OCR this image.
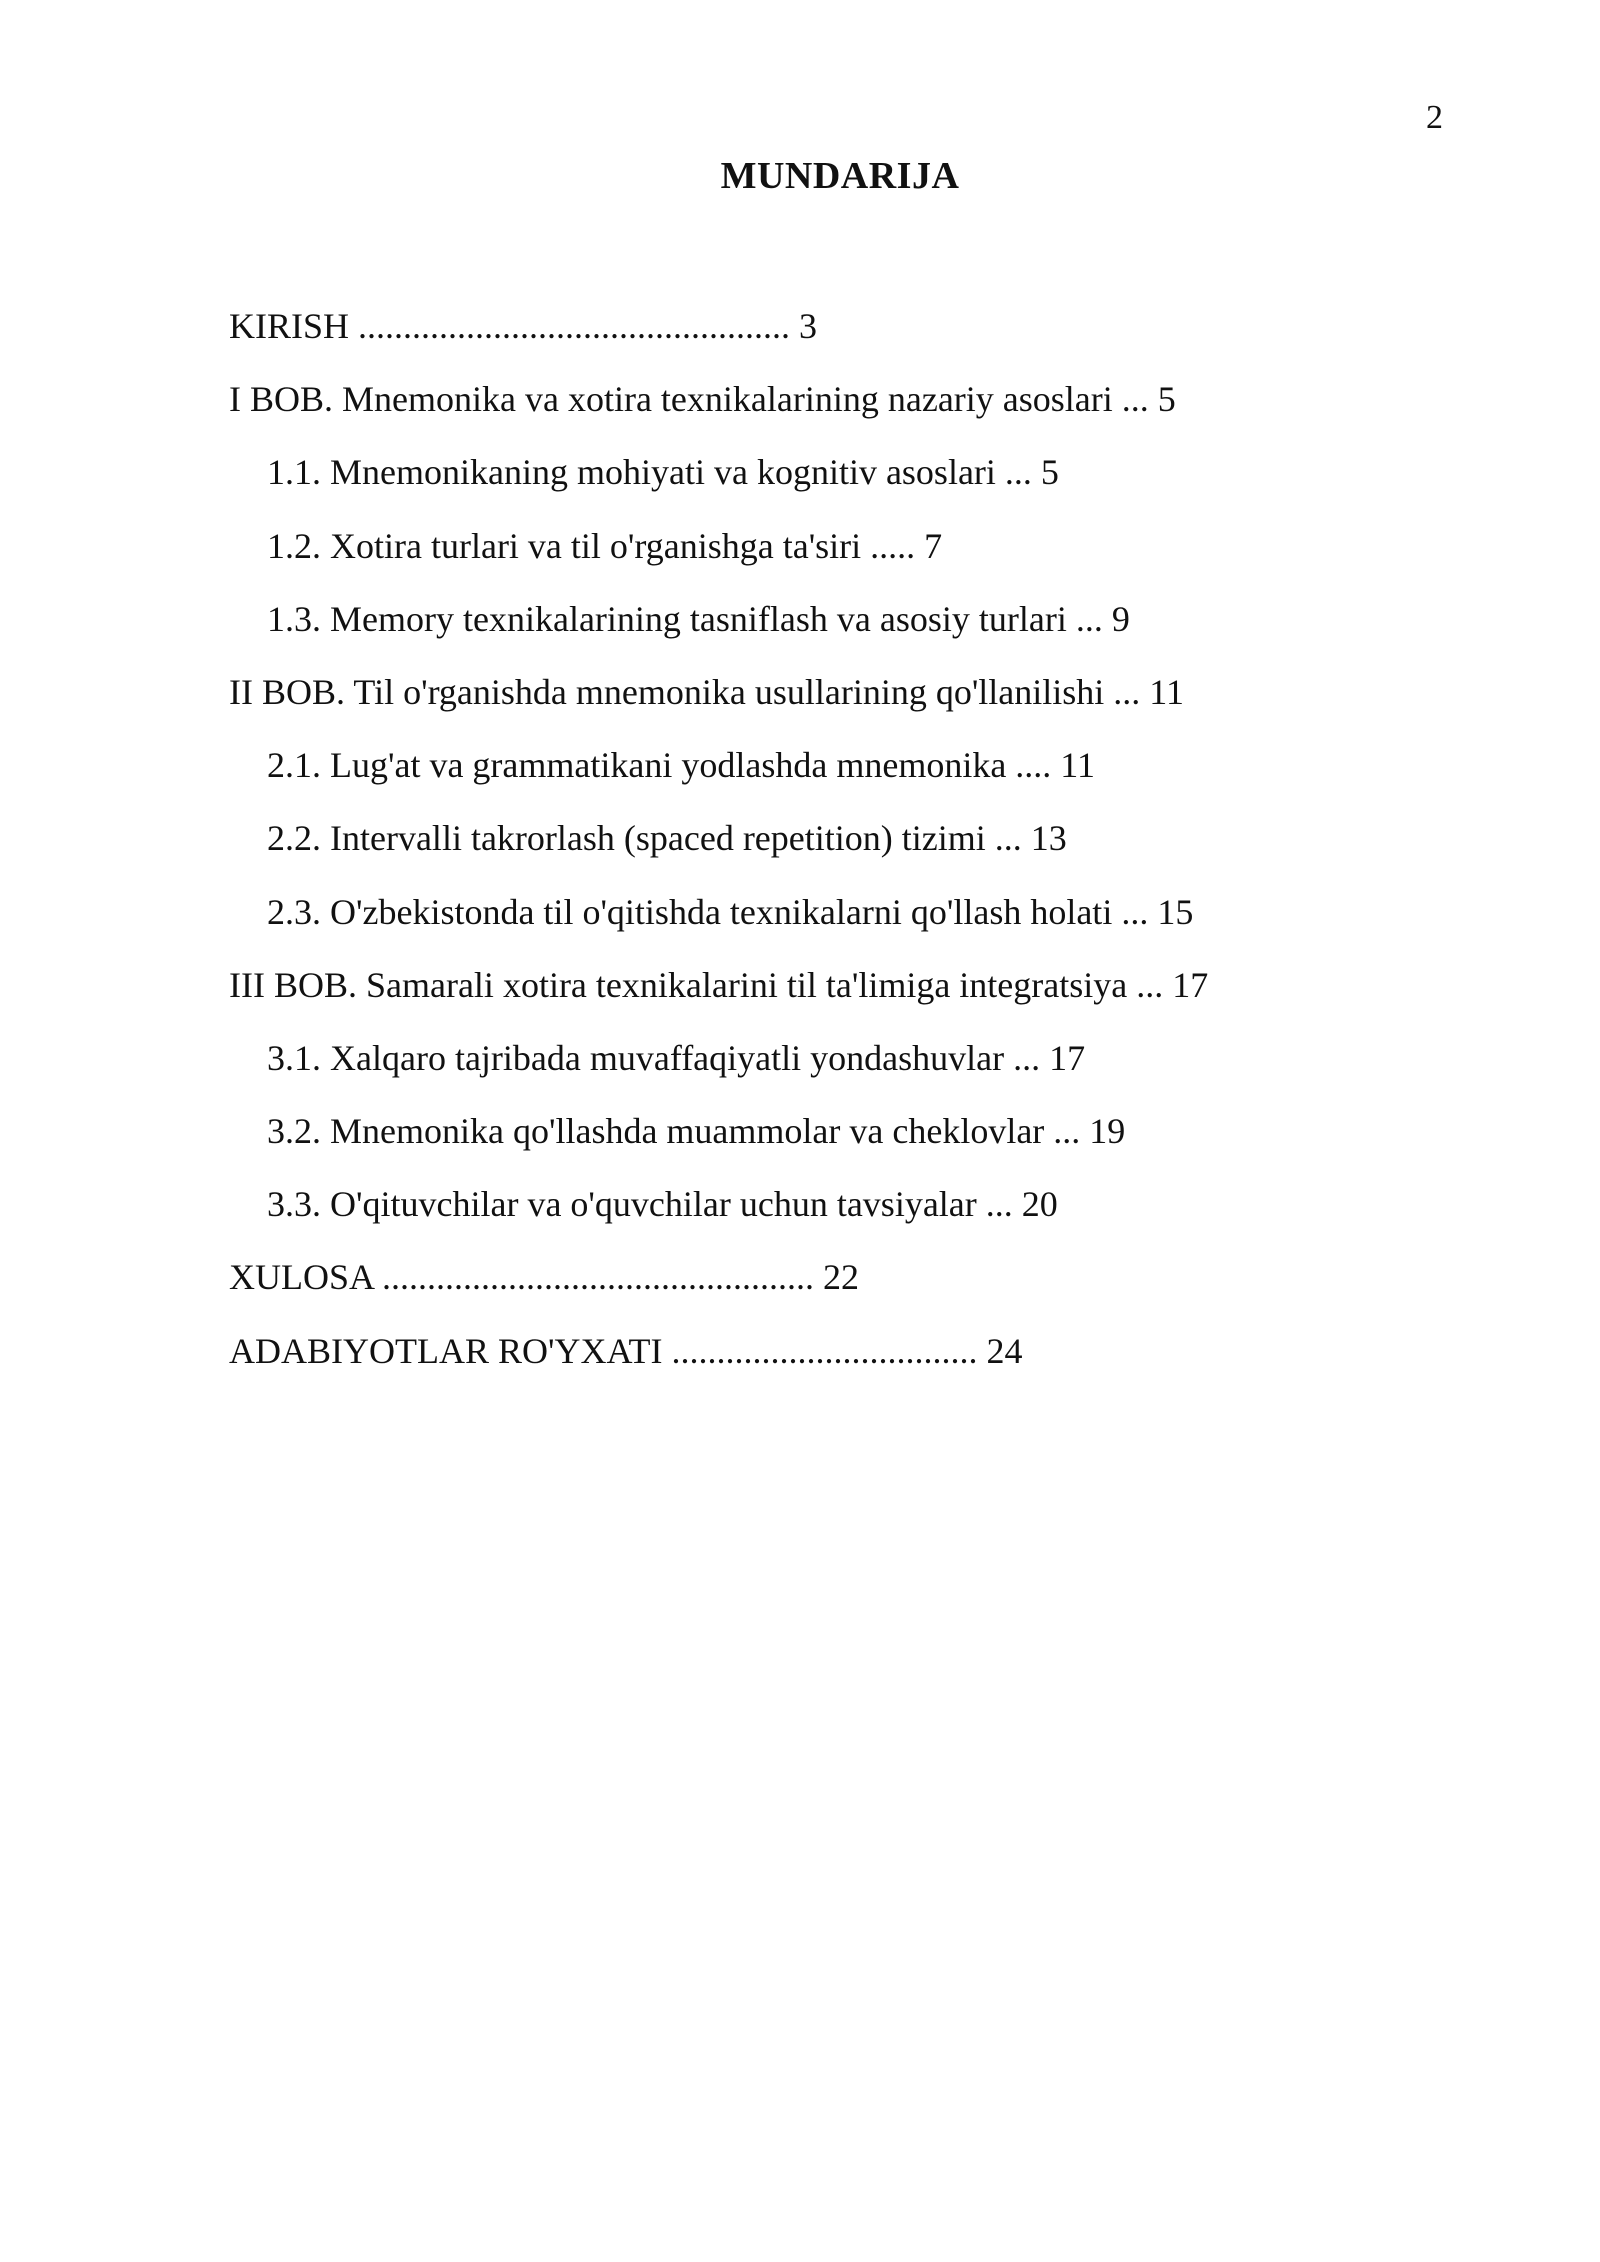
2
MUNDARIJA
KIRISH ................................................ 3
I BOB. Mnemonika va xotira texnikalarining nazariy asoslari ... 5
1.1. Mnemonikaning mohiyati va kognitiv asoslari ... 5
1.2. Xotira turlari va til o'rganishga ta'siri ..... 7
1.3. Memory texnikalarining tasniflash va asosiy turlari ... 9
II BOB. Til o'rganishda mnemonika usullarining qo'llanilishi ... 11
2.1. Lug'at va grammatikani yodlashda mnemonika .... 11
2.2. Intervalli takrorlash (spaced repetition) tizimi ... 13
2.3. O'zbekistonda til o'qitishda texnikalarni qo'llash holati ... 15
III BOB. Samarali xotira texnikalarini til ta'limiga integratsiya ... 17
3.1. Xalqaro tajribada muvaffaqiyatli yondashuvlar ... 17
3.2. Mnemonika qo'llashda muammolar va cheklovlar ... 19
3.3. O'qituvchilar va o'quvchilar uchun tavsiyalar ... 20
XULOSA ................................................ 22
ADABIYOTLAR RO'YXATI .................................. 24
